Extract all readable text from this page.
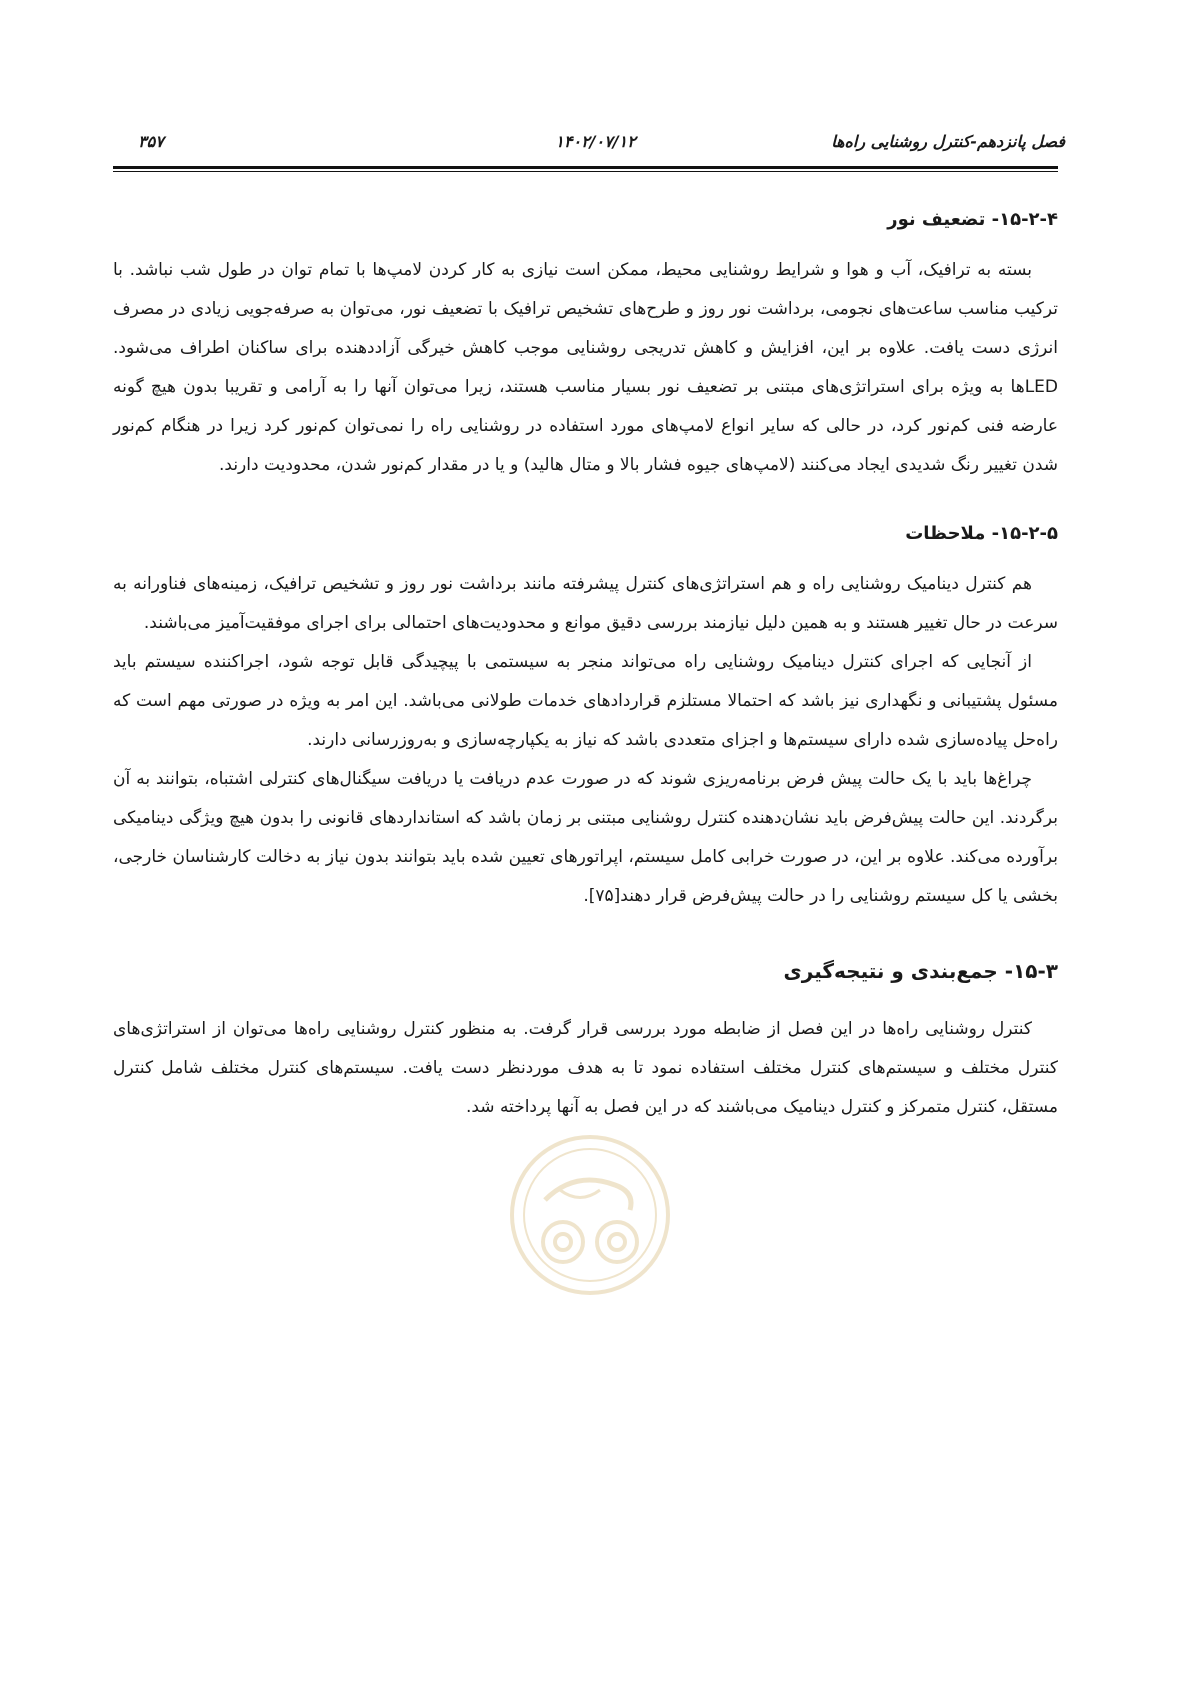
فصل پانزدهم-کنترل روشنایی راه‌ها
۱۴۰۲/۰۷/۱۲
۳۵۷
۱۵-۲-۴- تضعیف نور

بسته به ترافیک، آب و هوا و شرایط روشنایی محیط، ممکن است نیازی به کار کردن لامپ‌ها با تمام توان در طول شب نباشد. با ترکیب مناسب ساعت‌های نجومی، برداشت نور روز و طرح‌های تشخیص ترافیک با تضعیف نور، می‌توان به صرفه‌جویی زیادی در مصرف انرژی دست یافت. علاوه بر این، افزایش و کاهش تدریجی روشنایی موجب کاهش خیرگی آزاددهنده برای ساکنان اطراف می‌شود. LEDها به ویژه برای استراتژی‌های مبتنی بر تضعیف نور بسیار مناسب هستند، زیرا می‌توان آنها را به آرامی و تقریبا بدون هیچ گونه عارضه فنی کم‌نور کرد، در حالی که سایر انواع لامپ‌های مورد استفاده در روشنایی راه را نمی‌توان کم‌نور کرد زیرا در هنگام کم‌نور شدن تغییر رنگ شدیدی ایجاد می‌کنند (لامپ‌های جیوه فشار بالا و متال هالید) و یا در مقدار کم‌نور شدن، محدودیت دارند.

۱۵-۲-۵- ملاحظات

هم کنترل دینامیک روشنایی راه و هم استراتژی‌های کنترل پیشرفته مانند برداشت نور روز و تشخیص ترافیک، زمینه‌های فناورانه به سرعت در حال تغییر هستند و به همین دلیل نیازمند بررسی دقیق موانع و محدودیت‌های احتمالی برای اجرای موفقیت‌آمیز می‌باشند.

از آنجایی که اجرای کنترل دینامیک روشنایی راه می‌تواند منجر به سیستمی با پیچیدگی قابل توجه شود، اجراکننده سیستم باید مسئول پشتیبانی و نگهداری نیز باشد که احتمالا مستلزم قراردادهای خدمات طولانی می‌باشد. این امر به ویژه در صورتی مهم است که راه‌حل پیاده‌سازی شده دارای سیستم‌ها و اجزای متعددی باشد که نیاز به یکپارچه‌سازی و به‌روزرسانی دارند.

چراغ‌ها باید با یک حالت پیش فرض برنامه‌ریزی شوند که در صورت عدم دریافت یا دریافت سیگنال‌های کنترلی اشتباه، بتوانند به آن برگردند. این حالت پیش‌فرض باید نشان‌دهنده کنترل روشنایی مبتنی بر زمان باشد که استانداردهای قانونی را بدون هیچ ویژگی دینامیکی برآورده می‌کند. علاوه بر این، در صورت خرابی کامل سیستم، اپراتورهای تعیین شده باید بتوانند بدون نیاز به دخالت کارشناسان خارجی، بخشی یا کل سیستم روشنایی را در حالت پیش‌فرض قرار دهند[۷۵].

۱۵-۳- جمع‌بندی و نتیجه‌گیری

کنترل روشنایی راه‌ها در این فصل از ضابطه مورد بررسی قرار گرفت. به منظور کنترل روشنایی راه‌ها می‌توان از استراتژی‌های کنترل مختلف و سیستم‌های کنترل مختلف استفاده نمود تا به هدف موردنظر دست یافت. سیستم‌های کنترل مختلف شامل کنترل مستقل، کنترل متمرکز و کنترل دینامیک می‌باشند که در این فصل به آنها پرداخته شد.
